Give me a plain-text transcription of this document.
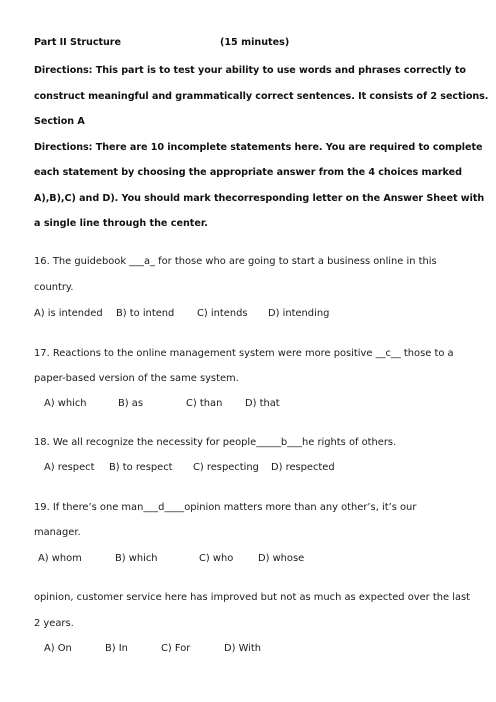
Part II Structure	(15 minutes)
Directions: This part is to test your ability to use words and phrases correctly to
construct meaningful and grammatically correct sentences. It consists of 2 sections.
Section A
Directions: There are 10 incomplete statements here. You are required to complete
each statement by choosing the appropriate answer from the 4 choices marked
A),B),C) and D). You should mark thecorresponding letter on the Answer Sheet with
a single line through the center.
16. The guidebook ___a_ for those who are going to start a business online in this
country.
A) is intended B) to intend C) intends D) intending
17. Reactions to the online management system were more positive __c__ those to a
paper-based version of the same system.
A) which	B) as	C) than D) that
18. We all recognize the necessity for people_____b___he rights of others.
A) respect B) to respect C) respecting D) respected
19. If there’s one man___d____opinion matters more than any other’s, it’s our
manager.
A) whom	B) which	C) who D) whose
opinion, customer service here has improved but not as much as expected over the last
2 years.
A) On	B) In	C) For	D) With
